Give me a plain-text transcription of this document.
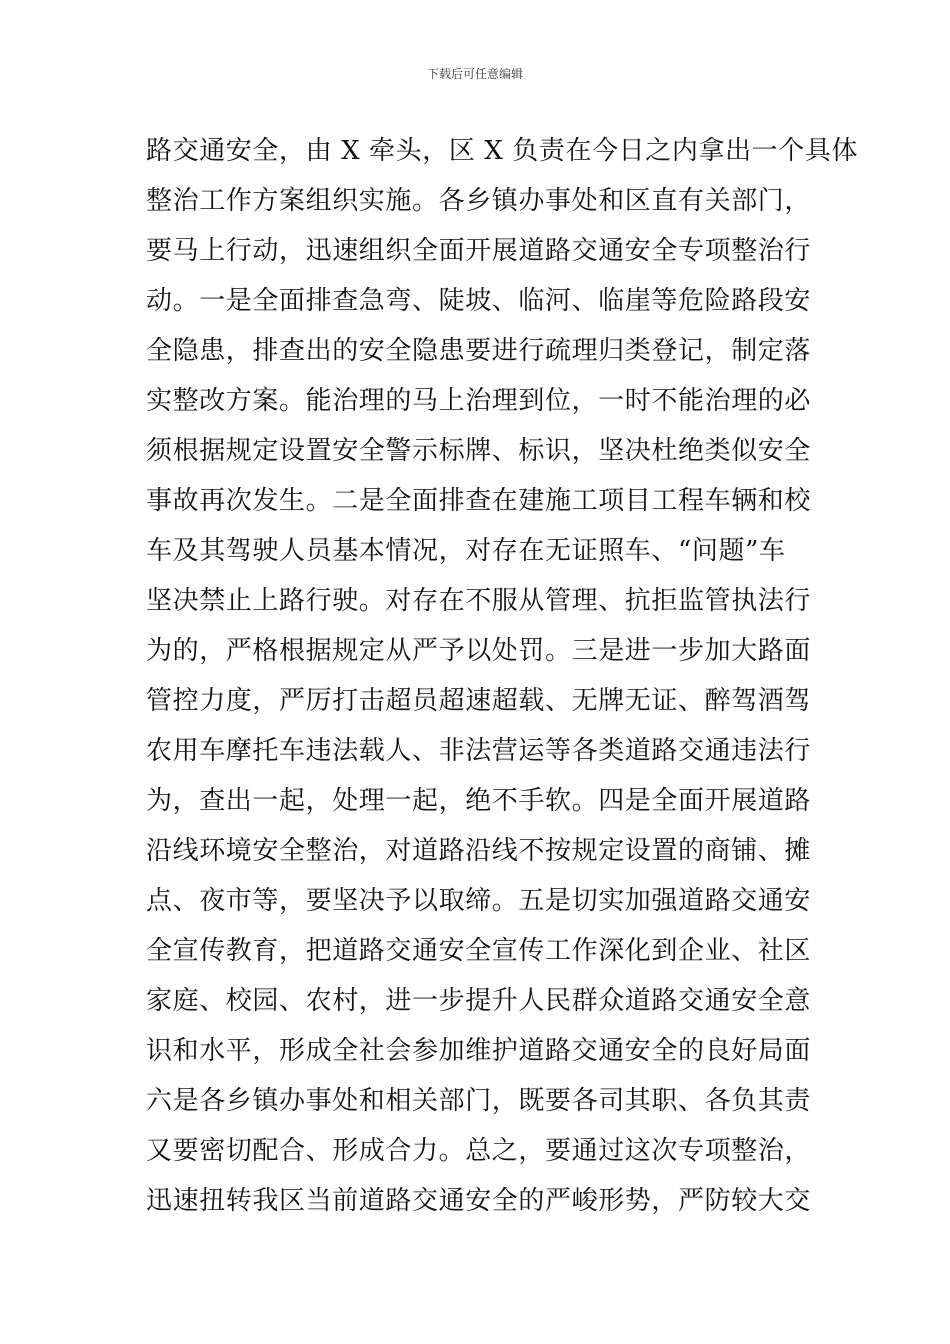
下载后可任意编辑
路交通安全，由 X 牵头，区 X 负责在今日之内拿出一个具体
整治工作方案组织实施。各乡镇办事处和区直有关部门，
要马上行动，迅速组织全面开展道路交通安全专项整治行
动。一是全面排查急弯、陡坡、临河、临崖等危险路段安
全隐患，排查出的安全隐患要进行疏理归类登记，制定落
实整改方案。能治理的马上治理到位，一时不能治理的必
须根据规定设置安全警示标牌、标识，坚决杜绝类似安全
事故再次发生。二是全面排查在建施工项目工程车辆和校
车及其驾驶人员基本情况，对存在无证照车、“问题”车
坚决禁止上路行驶。对存在不服从管理、抗拒监管执法行
为的，严格根据规定从严予以处罚。三是进一步加大路面
管控力度，严厉打击超员超速超载、无牌无证、醉驾酒驾
农用车摩托车违法载人、非法营运等各类道路交通违法行
为，查出一起，处理一起，绝不手软。四是全面开展道路
沿线环境安全整治，对道路沿线不按规定设置的商铺、摊
点、夜市等，要坚决予以取缔。五是切实加强道路交通安
全宣传教育，把道路交通安全宣传工作深化到企业、社区
家庭、校园、农村，进一步提升人民群众道路交通安全意
识和水平，形成全社会参加维护道路交通安全的良好局面
六是各乡镇办事处和相关部门，既要各司其职、各负其责
又要密切配合、形成合力。总之，要通过这次专项整治，
迅速扭转我区当前道路交通安全的严峻形势，严防较大交
